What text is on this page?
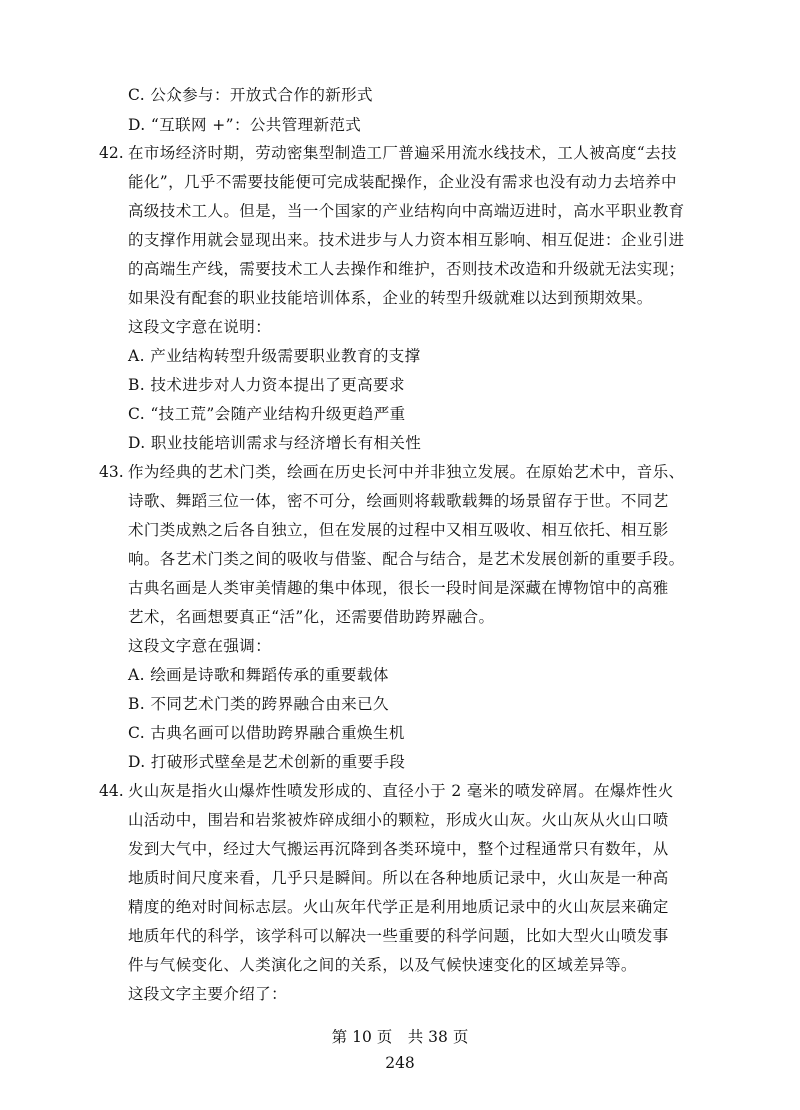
C. 公众参与：开放式合作的新形式
D. “互联网 +”：公共管理新范式
42. 在市场经济时期，劳动密集型制造工厂普遍采用流水线技术，工人被高度“去技
能化”，几乎不需要技能便可完成装配操作，企业没有需求也没有动力去培养中
高级技术工人。但是，当一个国家的产业结构向中高端迈进时，高水平职业教育
的支撑作用就会显现出来。技术进步与人力资本相互影响、相互促进：企业引进
的高端生产线，需要技术工人去操作和维护，否则技术改造和升级就无法实现；
如果没有配套的职业技能培训体系，企业的转型升级就难以达到预期效果。
这段文字意在说明：
A. 产业结构转型升级需要职业教育的支撑
B. 技术进步对人力资本提出了更高要求
C. “技工荒”会随产业结构升级更趋严重
D. 职业技能培训需求与经济增长有相关性
43. 作为经典的艺术门类，绘画在历史长河中并非独立发展。在原始艺术中，音乐、
诗歌、舞蹈三位一体，密不可分，绘画则将载歌载舞的场景留存于世。不同艺
术门类成熟之后各自独立，但在发展的过程中又相互吸收、相互依托、相互影
响。各艺术门类之间的吸收与借鉴、配合与结合，是艺术发展创新的重要手段。
古典名画是人类审美情趣的集中体现，很长一段时间是深藏在博物馆中的高雅
艺术，名画想要真正“活”化，还需要借助跨界融合。
这段文字意在强调：
A. 绘画是诗歌和舞蹈传承的重要载体
B. 不同艺术门类的跨界融合由来已久
C. 古典名画可以借助跨界融合重焕生机
D. 打破形式壁垒是艺术创新的重要手段
44. 火山灰是指火山爆炸性喷发形成的、直径小于 2 毫米的喷发碎屑。在爆炸性火
山活动中，围岩和岩浆被炸碎成细小的颗粒，形成火山灰。火山灰从火山口喷
发到大气中，经过大气搬运再沉降到各类环境中，整个过程通常只有数年，从
地质时间尺度来看，几乎只是瞬间。所以在各种地质记录中，火山灰是一种高
精度的绝对时间标志层。火山灰年代学正是利用地质记录中的火山灰层来确定
地质年代的科学，该学科可以解决一些重要的科学问题，比如大型火山喷发事
件与气候变化、人类演化之间的关系，以及气候快速变化的区域差异等。
这段文字主要介绍了：
第 10 页　共 38 页
248
